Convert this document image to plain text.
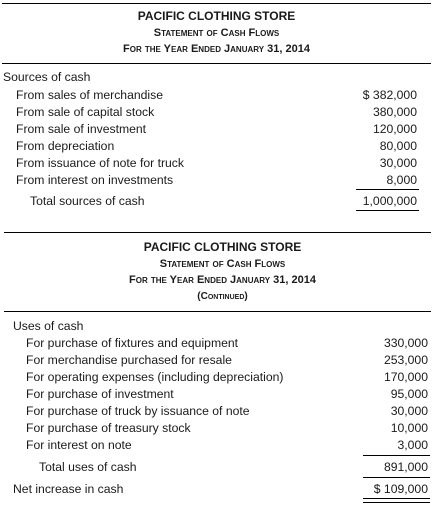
PACIFIC CLOTHING STORE
Statement of Cash Flows
For the Year Ended January 31, 2014
Sources of cash
From sales of merchandise	$ 382,000
From sale of capital stock	380,000
From sale of investment	120,000
From depreciation	80,000
From issuance of note for truck	30,000
From interest on investments	8,000
Total sources of cash	1,000,000
PACIFIC CLOTHING STORE
Statement of Cash Flows
For the Year Ended January 31, 2014
(Continued)
Uses of cash
For purchase of fixtures and equipment	330,000
For merchandise purchased for resale	253,000
For operating expenses (including depreciation)	170,000
For purchase of investment	95,000
For purchase of truck by issuance of note	30,000
For purchase of treasury stock	10,000
For interest on note	3,000
Total uses of cash	891,000
Net increase in cash	$ 109,000
